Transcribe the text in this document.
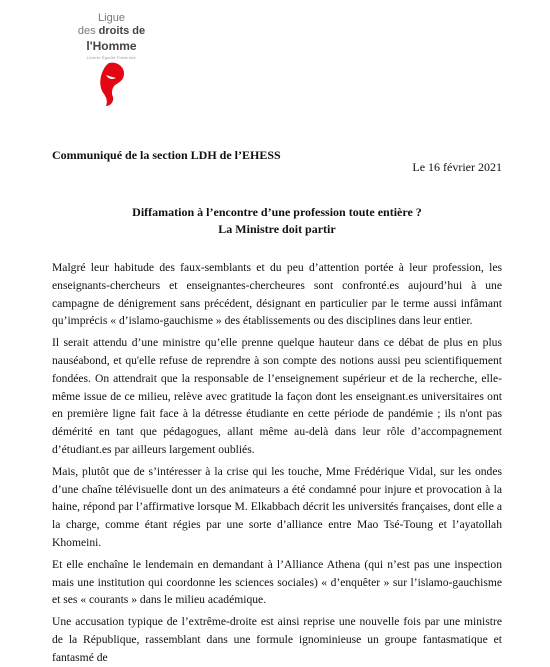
Ligue
des droits de
l'Homme
Liberté Égalité Fraternité
Communiqué de la section LDH de l’EHESS
Le 16 février 2021
Diffamation à l’encontre d’une profession toute entière ?
La Ministre doit partir

Malgré leur habitude des faux-semblants et du peu d’attention portée à leur profession, les enseignants-chercheurs et enseignantes-chercheures sont confronté.es aujourd’hui à une campagne de dénigrement sans précédent, désignant en particulier par le terme aussi infâmant qu’imprécis « d’islamo-gauchisme » des établissements ou des disciplines dans leur entier.

Il serait attendu d’une ministre qu’elle prenne quelque hauteur dans ce débat de plus en plus nauséabond, et qu'elle refuse de reprendre à son compte des notions aussi peu scientifiquement fondées. On attendrait que la responsable de l’enseignement supérieur et de la recherche, elle-même issue de ce milieu, relève avec gratitude la façon dont les enseignant.es universitaires ont en première ligne fait face à la détresse étudiante en cette période de pandémie ; ils n'ont pas démérité en tant que pédagogues, allant même au-delà dans leur rôle d’accompagnement d’étudiant.es par ailleurs largement oubliés.

Mais, plutôt que de s’intéresser à la crise qui les touche, Mme Frédérique Vidal, sur les ondes d’une chaîne télévisuelle dont un des animateurs a été condamné pour injure et provocation à la haine, répond par l’affirmative lorsque M. Elkabbach décrit les universités françaises, dont elle a la charge, comme étant régies par une sorte d’alliance entre Mao Tsé-Toung et l’ayatollah Khomeini.

Et elle enchaîne le lendemain en demandant à l’Alliance Athena (qui n’est pas une inspection mais une institution qui coordonne les sciences sociales) « d’enquêter » sur l’islamo-gauchisme et ses « courants » dans le milieu académique.

Une accusation typique de l’extrême-droite est ainsi reprise une nouvelle fois par une ministre de la République, rassemblant dans une formule ignominieuse un groupe fantasmatique et fantasmé de
